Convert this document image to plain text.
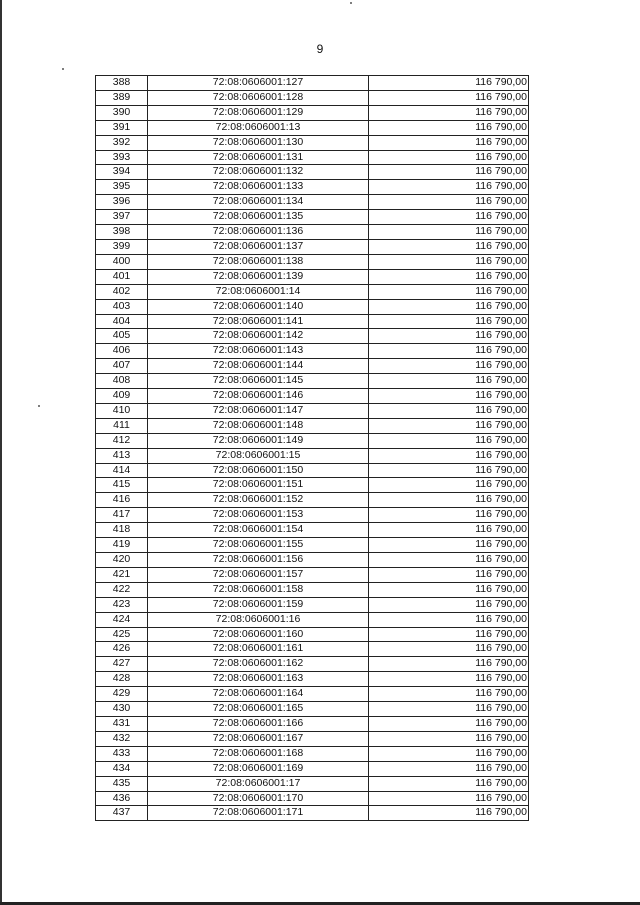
9
388	72:08:0606001:127	116 790,00
389	72:08:0606001:128	116 790,00
390	72:08:0606001:129	116 790,00
391	72:08:0606001:13	116 790,00
392	72:08:0606001:130	116 790,00
393	72:08:0606001:131	116 790,00
394	72:08:0606001:132	116 790,00
395	72:08:0606001:133	116 790,00
396	72:08:0606001:134	116 790,00
397	72:08:0606001:135	116 790,00
398	72:08:0606001:136	116 790,00
399	72:08:0606001:137	116 790,00
400	72:08:0606001:138	116 790,00
401	72:08:0606001:139	116 790,00
402	72:08:0606001:14	116 790,00
403	72:08:0606001:140	116 790,00
404	72:08:0606001:141	116 790,00
405	72:08:0606001:142	116 790,00
406	72:08:0606001:143	116 790,00
407	72:08:0606001:144	116 790,00
408	72:08:0606001:145	116 790,00
409	72:08:0606001:146	116 790,00
410	72:08:0606001:147	116 790,00
411	72:08:0606001:148	116 790,00
412	72:08:0606001:149	116 790,00
413	72:08:0606001:15	116 790,00
414	72:08:0606001:150	116 790,00
415	72:08:0606001:151	116 790,00
416	72:08:0606001:152	116 790,00
417	72:08:0606001:153	116 790,00
418	72:08:0606001:154	116 790,00
419	72:08:0606001:155	116 790,00
420	72:08:0606001:156	116 790,00
421	72:08:0606001:157	116 790,00
422	72:08:0606001:158	116 790,00
423	72:08:0606001:159	116 790,00
424	72:08:0606001:16	116 790,00
425	72:08:0606001:160	116 790,00
426	72:08:0606001:161	116 790,00
427	72:08:0606001:162	116 790,00
428	72:08:0606001:163	116 790,00
429	72:08:0606001:164	116 790,00
430	72:08:0606001:165	116 790,00
431	72:08:0606001:166	116 790,00
432	72:08:0606001:167	116 790,00
433	72:08:0606001:168	116 790,00
434	72:08:0606001:169	116 790,00
435	72:08:0606001:17	116 790,00
436	72:08:0606001:170	116 790,00
437	72:08:0606001:171	116 790,00
